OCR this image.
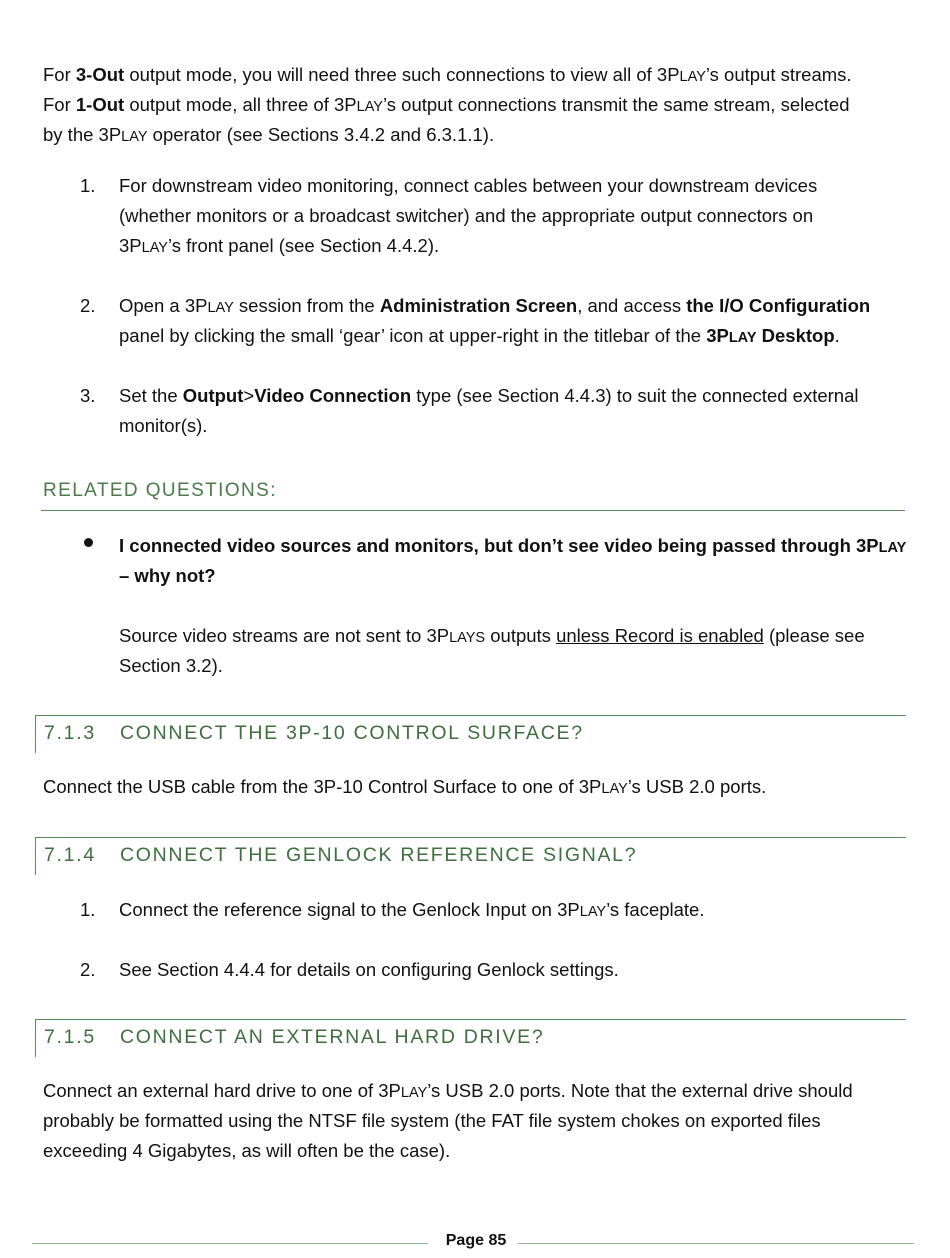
For 3-Out output mode, you will need three such connections to view all of 3PLAY’s output streams.

For 1-Out output mode, all three of 3PLAY’s output connections transmit the same stream, selected

by the 3PLAY operator (see Sections 3.4.2 and 6.3.1.1).

1.	For downstream video monitoring, connect cables between your downstream devices

(whether monitors or a broadcast switcher) and the appropriate output connectors on

3PLAY’s front panel (see Section 4.4.2).

2.	Open a 3PLAY session from the Administration Screen, and access the I/O Configuration

panel by clicking the small ‘gear’ icon at upper-right in the titlebar of the 3PLAY Desktop.

3.	Set the Output>Video Connection type (see Section 4.4.3) to suit the connected external

monitor(s).

RELATED QUESTIONS:

I connected video sources and monitors, but don’t see video being passed through 3PLAY

– why not?

Source video streams are not sent to 3PLAYS outputs unless Record is enabled (please see

Section 3.2).

7.1.3 CONNECT THE 3P-10 CONTROL SURFACE?

Connect the USB cable from the 3P-10 Control Surface to one of 3PLAY’s USB 2.0 ports.

7.1.4 CONNECT THE GENLOCK REFERENCE SIGNAL?
1.	Connect the reference signal to the Genlock Input on 3PLAY’s faceplate.

2.	See Section 4.4.4 for details on configuring Genlock settings.

7.1.5 CONNECT AN EXTERNAL HARD DRIVE?

Connect an external hard drive to one of 3PLAY’s USB 2.0 ports. Note that the external drive should

probably be formatted using the NTSF file system (the FAT file system chokes on exported files

exceeding 4 Gigabytes, as will often be the case).

Page 85
